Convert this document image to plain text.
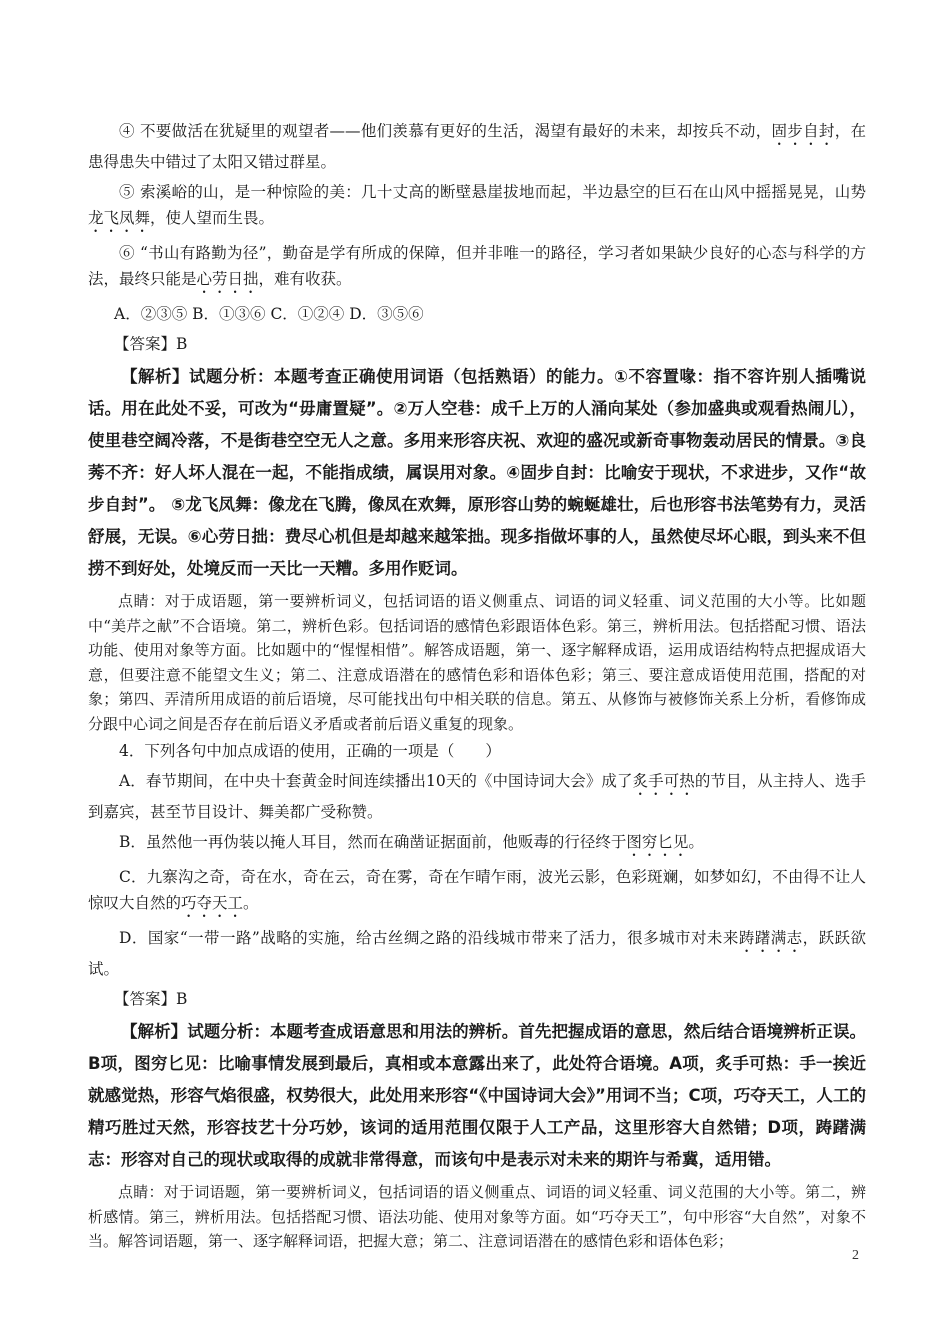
④ 不要做活在犹疑里的观望者——他们羡慕有更好的生活，渴望有最好的未来，却按兵不动，固步自封，在患得患失中错过了太阳又错过群星。

⑤ 索溪峪的山，是一种惊险的美：几十丈高的断壁悬崖拔地而起，半边悬空的巨石在山风中摇摇晃晃，山势龙飞凤舞，使人望而生畏。

⑥ “书山有路勤为径”，勤奋是学有所成的保障，但并非唯一的路径，学习者如果缺少良好的心态与科学的方法，最终只能是心劳日拙，难有收获。

A．②③⑤ B．①③⑥ C．①②④ D．③⑤⑥

【答案】B

【解析】试题分析：本题考查正确使用词语（包括熟语）的能力。①不容置喙：指不容许别人插嘴说话。用在此处不妥，可改为“毋庸置疑”。②万人空巷：成千上万的人涌向某处（参加盛典或观看热闹儿），使里巷空阔冷落，不是街巷空空无人之意。多用来形容庆祝、欢迎的盛况或新奇事物轰动居民的情景。③良莠不齐：好人坏人混在一起，不能指成绩，属误用对象。④固步自封：比喻安于现状，不求进步，又作“故步自封”。 ⑤龙飞凤舞：像龙在飞腾，像凤在欢舞，原形容山势的蜿蜒雄壮，后也形容书法笔势有力，灵活舒展，无误。⑥心劳日拙：费尽心机但是却越来越笨拙。现多指做坏事的人，虽然使尽坏心眼，到头来不但捞不到好处，处境反而一天比一天糟。多用作贬词。

点睛：对于成语题，第一要辨析词义，包括词语的语义侧重点、词语的词义轻重、词义范围的大小等。比如题中“美芹之献”不合语境。第二，辨析色彩。包括词语的感情色彩跟语体色彩。第三，辨析用法。包括搭配习惯、语法功能、使用对象等方面。比如题中的“惺惺相惜”。解答成语题，第一、逐字解释成语，运用成语结构特点把握成语大意，但要注意不能望文生义；第二、注意成语潜在的感情色彩和语体色彩；第三、要注意成语使用范围，搭配的对象；第四、弄清所用成语的前后语境，尽可能找出句中相关联的信息。第五、从修饰与被修饰关系上分析，看修饰成分跟中心词之间是否存在前后语义矛盾或者前后语义重复的现象。

4．下列各句中加点成语的使用，正确的一项是（　　）

A．春节期间，在中央十套黄金时间连续播出10天的《中国诗词大会》成了炙手可热的节目，从主持人、选手到嘉宾，甚至节目设计、舞美都广受称赞。

B．虽然他一再伪装以掩人耳目，然而在确凿证据面前，他贩毒的行径终于图穷匕见。

C．九寨沟之奇，奇在水，奇在云，奇在雾，奇在乍晴乍雨，波光云影，色彩斑斓，如梦如幻，不由得不让人惊叹大自然的巧夺天工。

D．国家“一带一路”战略的实施，给古丝绸之路的沿线城市带来了活力，很多城市对未来踌躇满志，跃跃欲试。

【答案】B

【解析】试题分析：本题考查成语意思和用法的辨析。首先把握成语的意思，然后结合语境辨析正误。B项，图穷匕见：比喻事情发展到最后，真相或本意露出来了，此处符合语境。A项，炙手可热：手一挨近就感觉热，形容气焰很盛，权势很大，此处用来形容“《中国诗词大会》”用词不当；C项，巧夺天工，人工的精巧胜过天然，形容技艺十分巧妙，该词的适用范围仅限于人工产品，这里形容大自然错；D项，踌躇满志：形容对自己的现状或取得的成就非常得意，而该句中是表示对未来的期许与希冀，适用错。

点睛：对于词语题，第一要辨析词义，包括词语的语义侧重点、词语的词义轻重、词义范围的大小等。第二，辨析感情。第三，辨析用法。包括搭配习惯、语法功能、使用对象等方面。如“巧夺天工”，句中形容“大自然”，对象不当。解答词语题，第一、逐字解释词语，把握大意；第二、注意词语潜在的感情色彩和语体色彩；

2
